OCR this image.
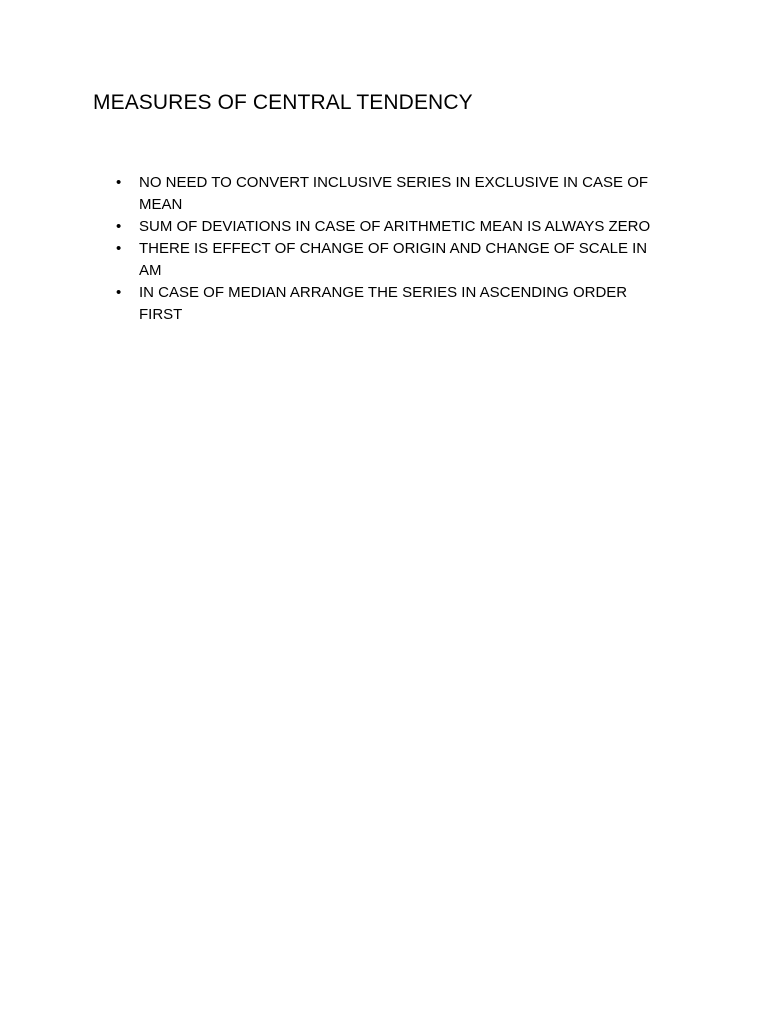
MEASURES OF CENTRAL TENDENCY
• NO NEED TO CONVERT INCLUSIVE SERIES IN EXCLUSIVE IN CASE OF MEAN
• SUM OF DEVIATIONS IN CASE OF ARITHMETIC MEAN IS ALWAYS ZERO
• THERE IS EFFECT OF CHANGE OF ORIGIN AND CHANGE OF SCALE IN AM
• IN CASE OF MEDIAN ARRANGE THE SERIES IN ASCENDING ORDER FIRST
